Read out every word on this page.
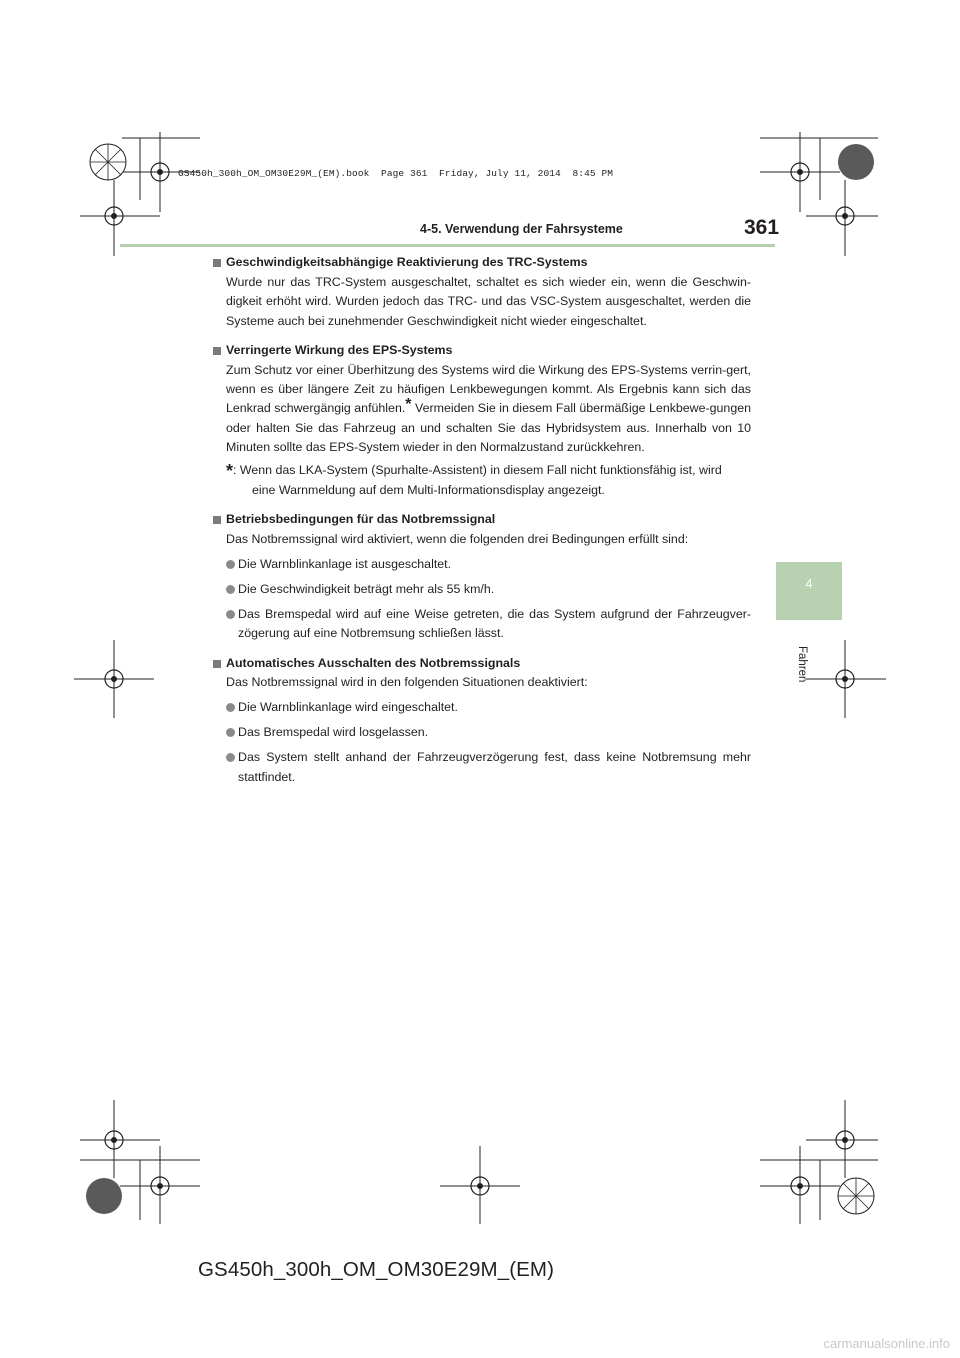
GS450h_300h_OM_OM30E29M_(EM).book  Page 361  Friday, July 11, 2014  8:45 PM
4-5. Verwendung der Fahrsysteme	361
4
Fahren
Geschwindigkeitsabhängige Reaktivierung des TRC-Systems
Wurde nur das TRC-System ausgeschaltet, schaltet es sich wieder ein, wenn die Geschwin-digkeit erhöht wird. Wurden jedoch das TRC- und das VSC-System ausgeschaltet, werden die Systeme auch bei zunehmender Geschwindigkeit nicht wieder eingeschaltet.
Verringerte Wirkung des EPS-Systems
Zum Schutz vor einer Überhitzung des Systems wird die Wirkung des EPS-Systems verrin-gert, wenn es über längere Zeit zu häufigen Lenkbewegungen kommt. Als Ergebnis kann sich das Lenkrad schwergängig anfühlen.* Vermeiden Sie in diesem Fall übermäßige Lenkbewe-gungen oder halten Sie das Fahrzeug an und schalten Sie das Hybridsystem aus. Innerhalb von 10 Minuten sollte das EPS-System wieder in den Normalzustand zurückkehren.
*: Wenn das LKA-System (Spurhalte-Assistent) in diesem Fall nicht funktionsfähig ist, wird
eine Warnmeldung auf dem Multi-Informationsdisplay angezeigt.
Betriebsbedingungen für das Notbremssignal
Das Notbremssignal wird aktiviert, wenn die folgenden drei Bedingungen erfüllt sind:
Die Warnblinkanlage ist ausgeschaltet.
Die Geschwindigkeit beträgt mehr als 55 km/h.
Das Bremspedal wird auf eine Weise getreten, die das System aufgrund der Fahrzeugver-zögerung auf eine Notbremsung schließen lässt.
Automatisches Ausschalten des Notbremssignals
Das Notbremssignal wird in den folgenden Situationen deaktiviert:
Die Warnblinkanlage wird eingeschaltet.
Das Bremspedal wird losgelassen.
Das System stellt anhand der Fahrzeugverzögerung fest, dass keine Notbremsung mehr stattfindet.
GS450h_300h_OM_OM30E29M_(EM)
carmanualsonline.info
